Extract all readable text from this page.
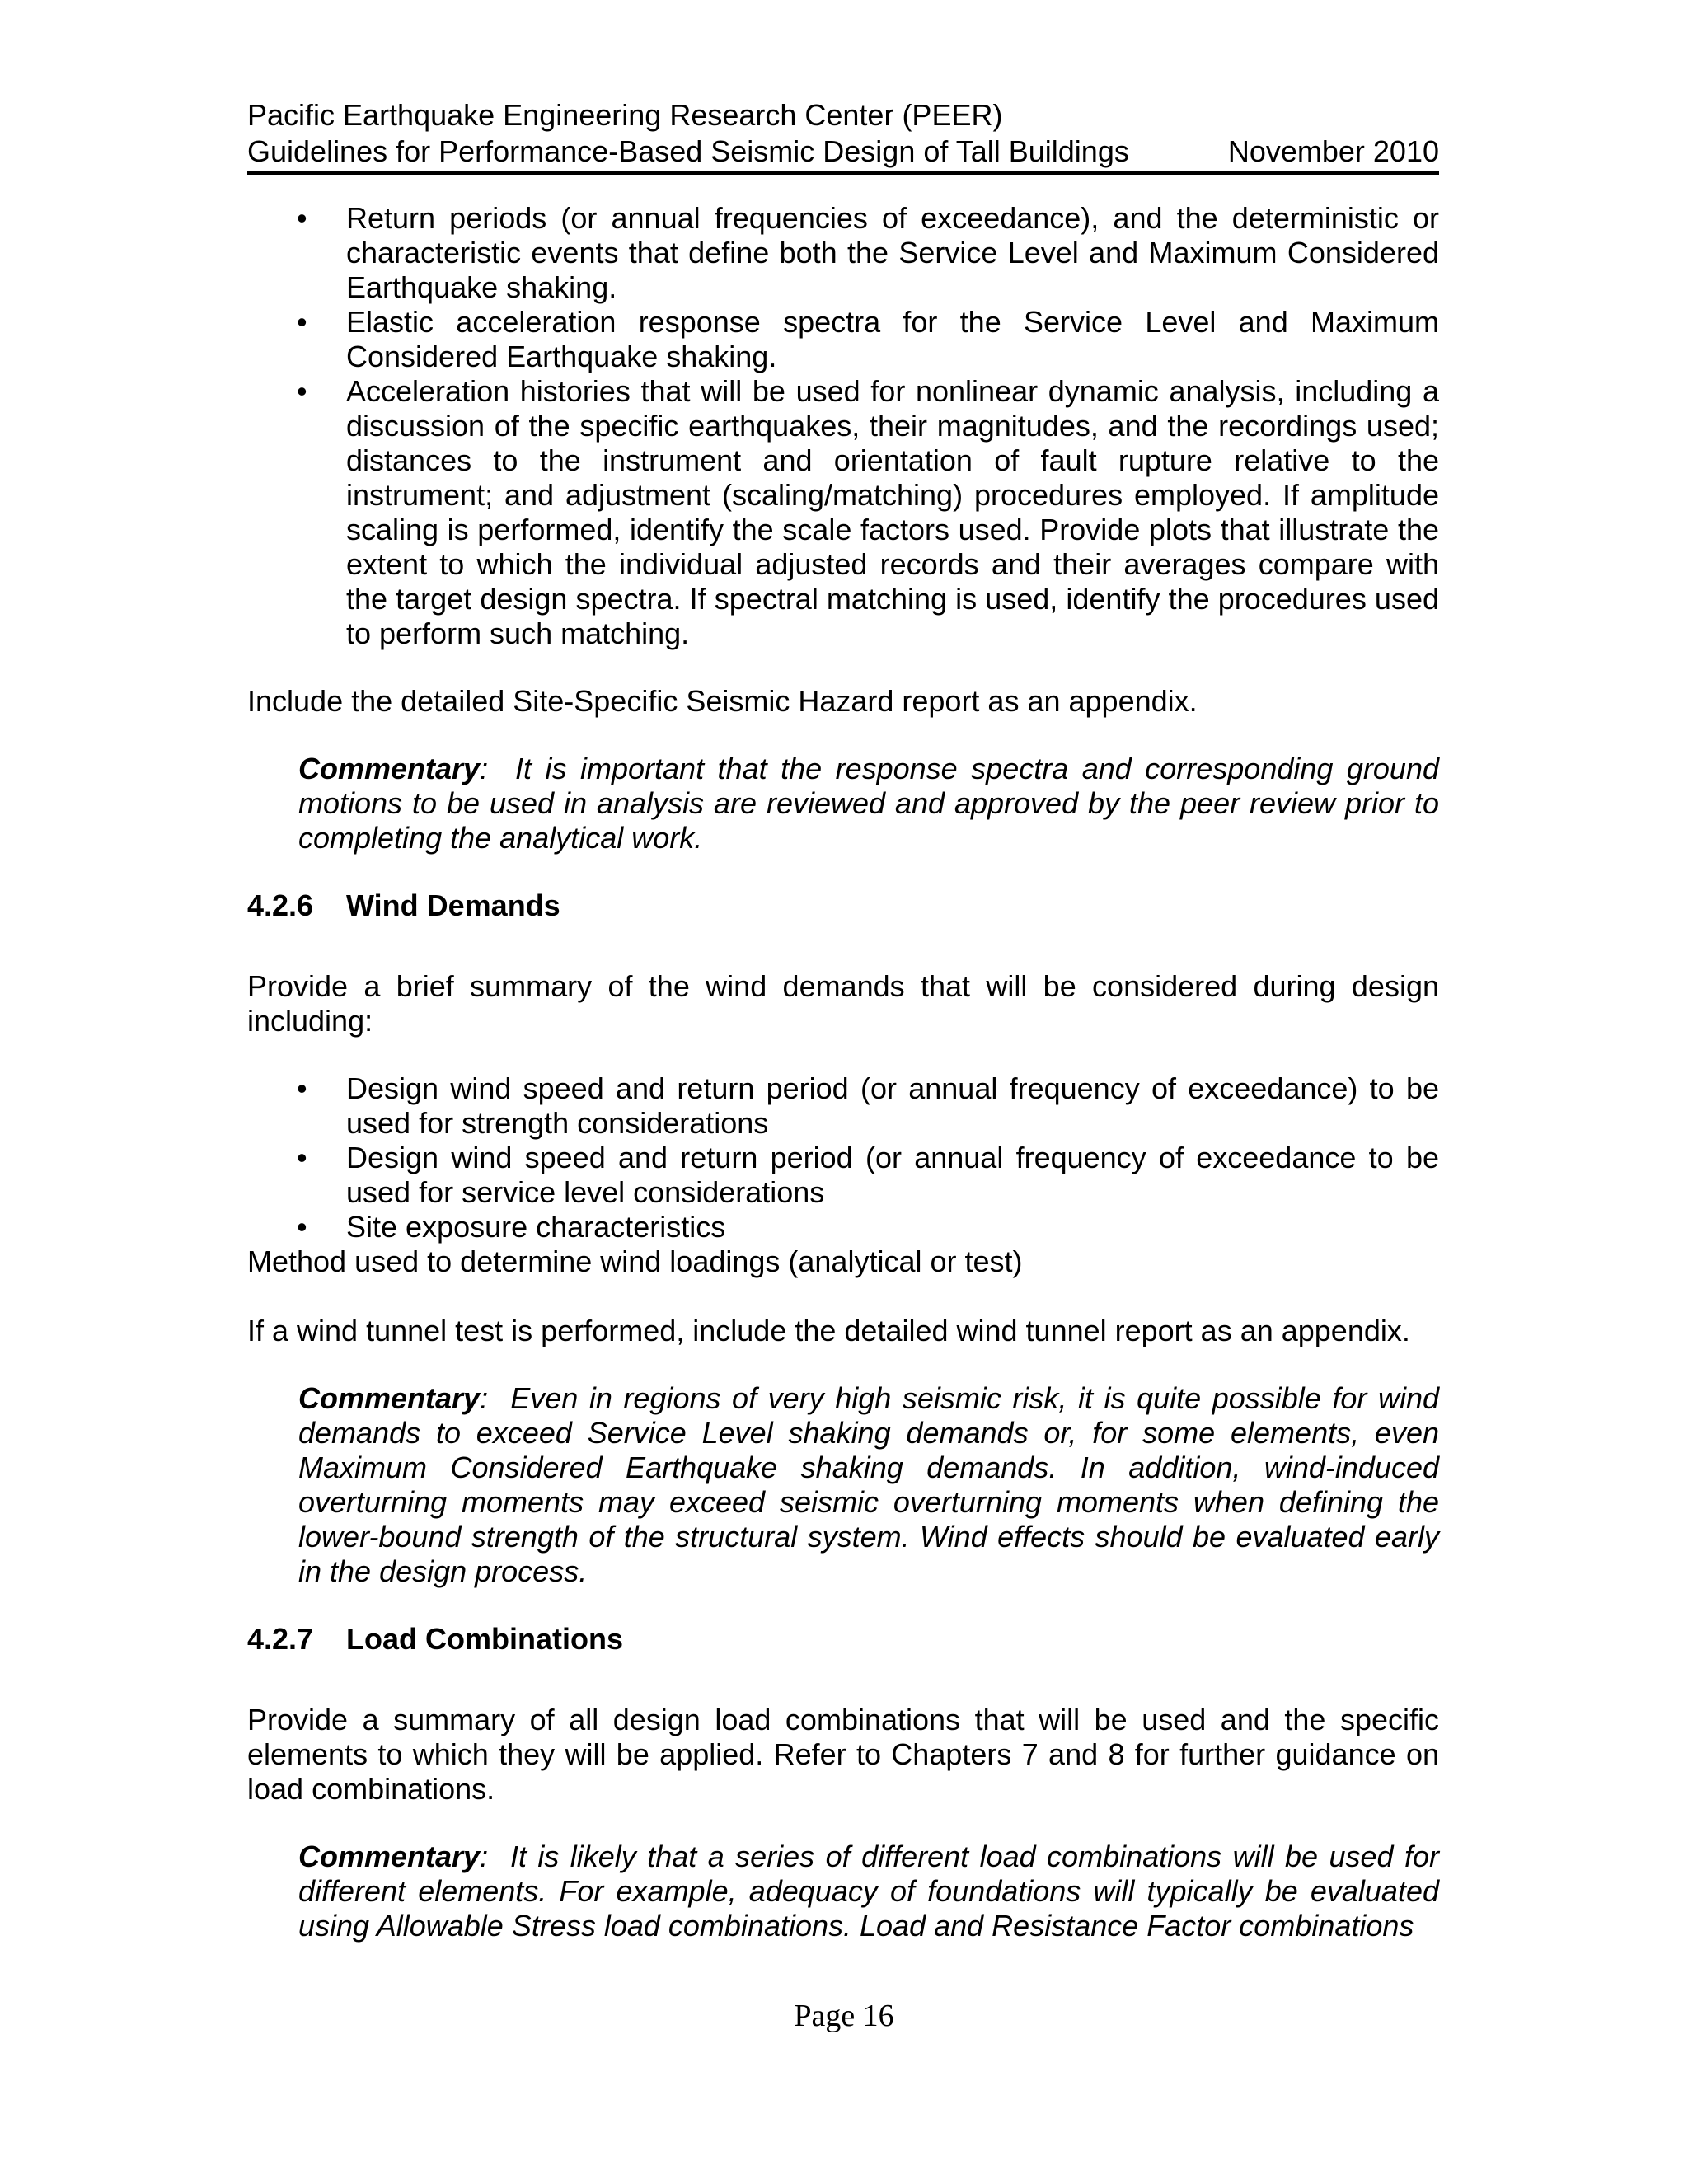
Pacific Earthquake Engineering Research Center (PEER)
Guidelines for Performance-Based Seismic Design of Tall Buildings	November 2010
• Return periods (or annual frequencies of exceedance), and the deterministic or characteristic events that define both the Service Level and Maximum Considered Earthquake shaking.
• Elastic acceleration response spectra for the Service Level and Maximum Considered Earthquake shaking.
• Acceleration histories that will be used for nonlinear dynamic analysis, including a discussion of the specific earthquakes, their magnitudes, and the recordings used; distances to the instrument and orientation of fault rupture relative to the instrument; and adjustment (scaling/matching) procedures employed. If amplitude scaling is performed, identify the scale factors used. Provide plots that illustrate the extent to which the individual adjusted records and their averages compare with the target design spectra. If spectral matching is used, identify the procedures used to perform such matching.

Include the detailed Site-Specific Seismic Hazard report as an appendix.

Commentary: It is important that the response spectra and corresponding ground motions to be used in analysis are reviewed and approved by the peer review prior to completing the analytical work.

4.2.6 Wind Demands

Provide a brief summary of the wind demands that will be considered during design including:

• Design wind speed and return period (or annual frequency of exceedance) to be used for strength considerations
• Design wind speed and return period (or annual frequency of exceedance to be used for service level considerations
• Site exposure characteristics

Method used to determine wind loadings (analytical or test)

If a wind tunnel test is performed, include the detailed wind tunnel report as an appendix.

Commentary: Even in regions of very high seismic risk, it is quite possible for wind demands to exceed Service Level shaking demands or, for some elements, even Maximum Considered Earthquake shaking demands. In addition, wind-induced overturning moments may exceed seismic overturning moments when defining the lower-bound strength of the structural system. Wind effects should be evaluated early in the design process.

4.2.7 Load Combinations

Provide a summary of all design load combinations that will be used and the specific elements to which they will be applied. Refer to Chapters 7 and 8 for further guidance on load combinations.

Commentary: It is likely that a series of different load combinations will be used for different elements. For example, adequacy of foundations will typically be evaluated using Allowable Stress load combinations. Load and Resistance Factor combinations

Page 16
